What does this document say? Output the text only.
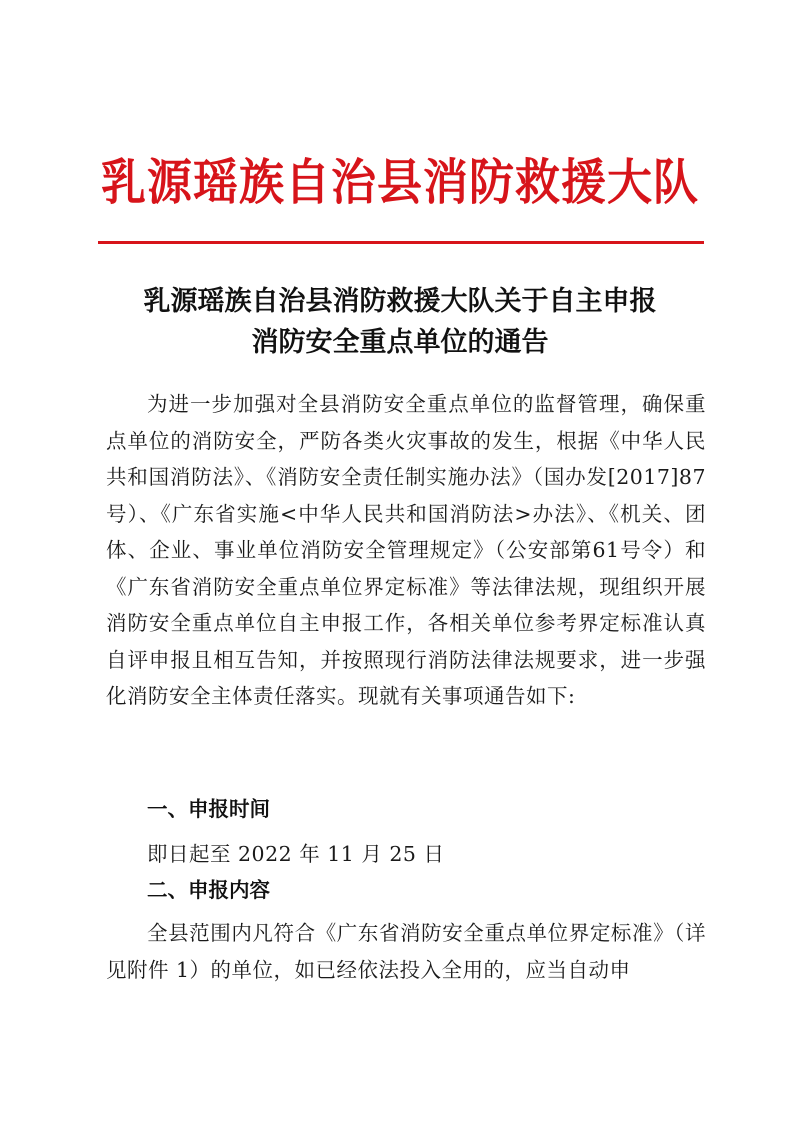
乳源瑶族自治县消防救援大队
乳源瑶族自治县消防救援大队关于自主申报
消防安全重点单位的通告

为进一步加强对全县消防安全重点单位的监督管理，确保重点单位的消防安全，严防各类火灾事故的发生，根据《中华人民共和国消防法》、《消防安全责任制实施办法》（国办发[2017]87号）、《广东省实施<中华人民共和国消防法>办法》、《机关、团体、企业、事业单位消防安全管理规定》（公安部第61号令）和《广东省消防安全重点单位界定标准》等法律法规，现组织开展消防安全重点单位自主申报工作，各相关单位参考界定标准认真自评申报且相互告知，并按照现行消防法律法规要求，进一步强化消防安全主体责任落实。现就有关事项通告如下:

一、申报时间
即日起至 2022 年 11 月 25 日
二、申报内容

全县范围内凡符合《广东省消防安全重点单位界定标准》（详见附件 1）的单位，如已经依法投入全用的，应当自动申
